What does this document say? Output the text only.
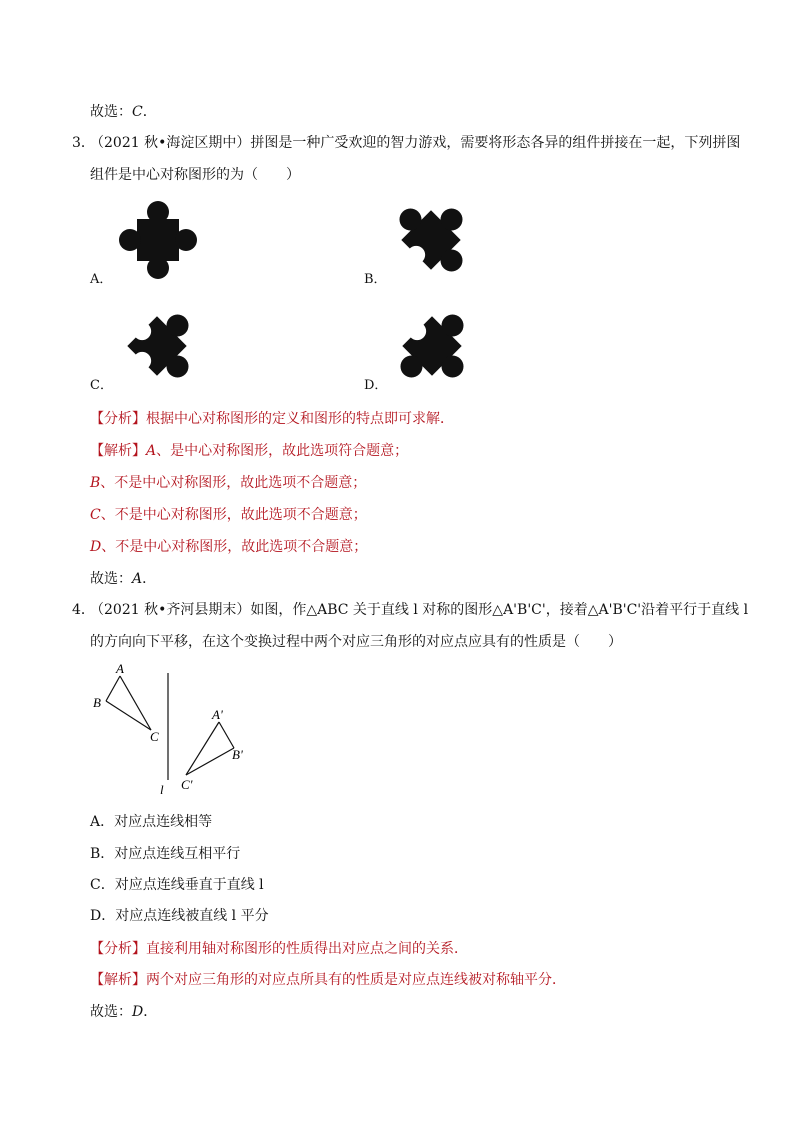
故选：C．
3．
（2021 秋•海淀区期中）拼图是一种广受欢迎的智力游戏，需要将形态各异的组件拼接在一起，下列拼图
组件是中心对称图形的为（　　）
A．	B．
C．	D．
【分析】根据中心对称图形的定义和图形的特点即可求解．
【解析】A、是中心对称图形，故此选项符合题意；
B、不是中心对称图形，故此选项不合题意；
C、不是中心对称图形，故此选项不合题意；
D、不是中心对称图形，故此选项不合题意；
故选：A．
4．
（2021 秋•齐河县期末）如图，作△ABC 关于直线 l 对称的图形△A'B'C'，接着△A'B'C'沿着平行于直线 l
的方向向下平移，在这个变换过程中两个对应三角形的对应点应具有的性质是（　　）
A
B
C
A'
B'
C'
l
A．对应点连线相等
B．对应点连线互相平行
C．对应点连线垂直于直线 l
D．对应点连线被直线 l 平分
【分析】直接利用轴对称图形的性质得出对应点之间的关系．
【解析】两个对应三角形的对应点所具有的性质是对应点连线被对称轴平分．
故选：D．
